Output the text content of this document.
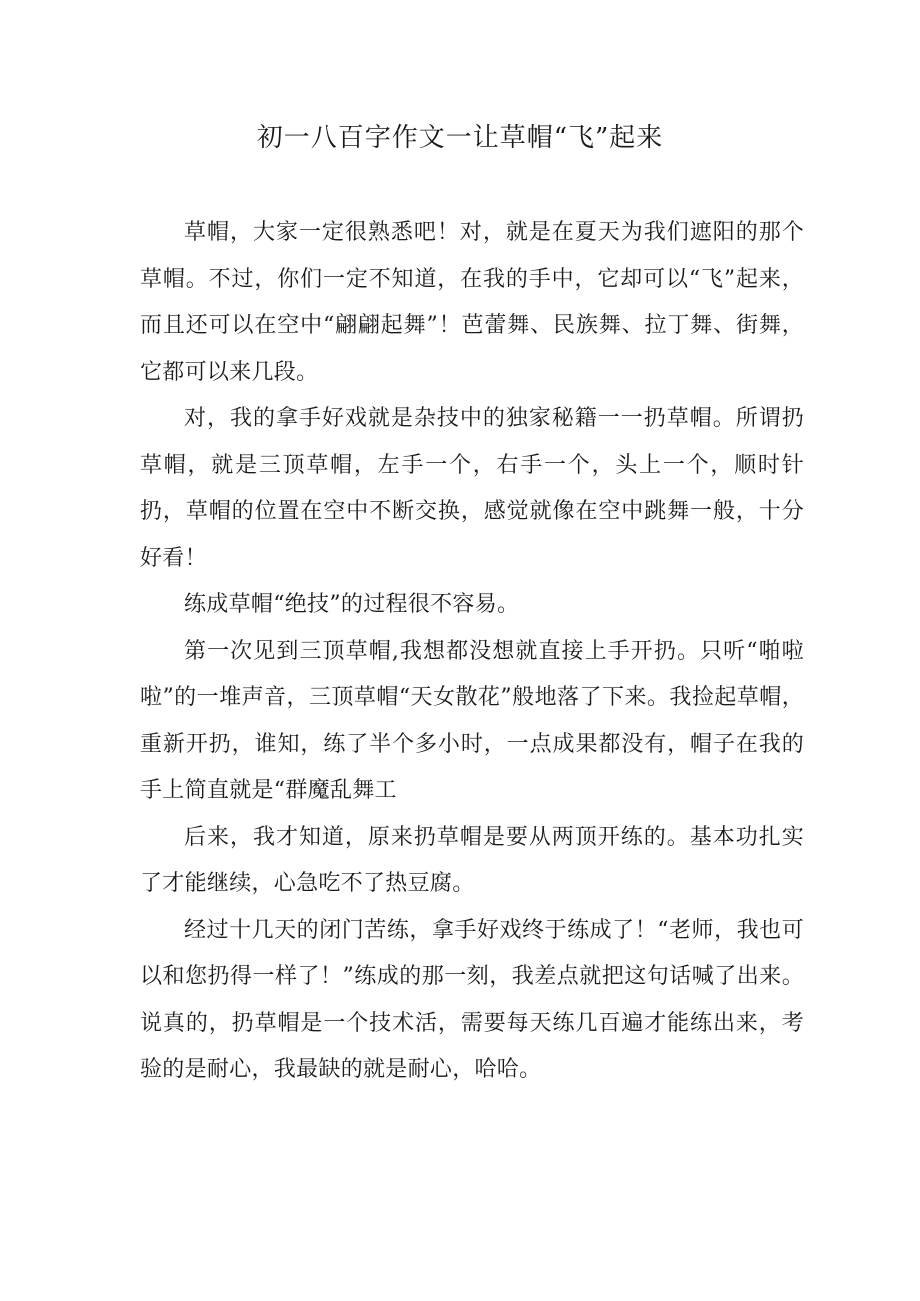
初一八百字作文一让草帽“飞”起来

草帽，大家一定很熟悉吧！对，就是在夏天为我们遮阳的那个草帽。不过，你们一定不知道，在我的手中，它却可以“飞”起来，而且还可以在空中“翩翩起舞”！芭蕾舞、民族舞、拉丁舞、街舞，它都可以来几段。

对，我的拿手好戏就是杂技中的独家秘籍一一扔草帽。所谓扔草帽，就是三顶草帽，左手一个，右手一个，头上一个，顺时针扔，草帽的位置在空中不断交换，感觉就像在空中跳舞一般，十分好看！

练成草帽“绝技”的过程很不容易。

第一次见到三顶草帽,我想都没想就直接上手开扔。只听“啪啦啦”的一堆声音，三顶草帽“天女散花”般地落了下来。我捡起草帽，重新开扔，谁知，练了半个多小时，一点成果都没有，帽子在我的手上简直就是“群魔乱舞工

后来，我才知道，原来扔草帽是要从两顶开练的。基本功扎实了才能继续，心急吃不了热豆腐。

经过十几天的闭门苦练，拿手好戏终于练成了！“老师，我也可以和您扔得一样了！”练成的那一刻，我差点就把这句话喊了出来。说真的，扔草帽是一个技术活，需要每天练几百遍才能练出来，考验的是耐心，我最缺的就是耐心，哈哈。
